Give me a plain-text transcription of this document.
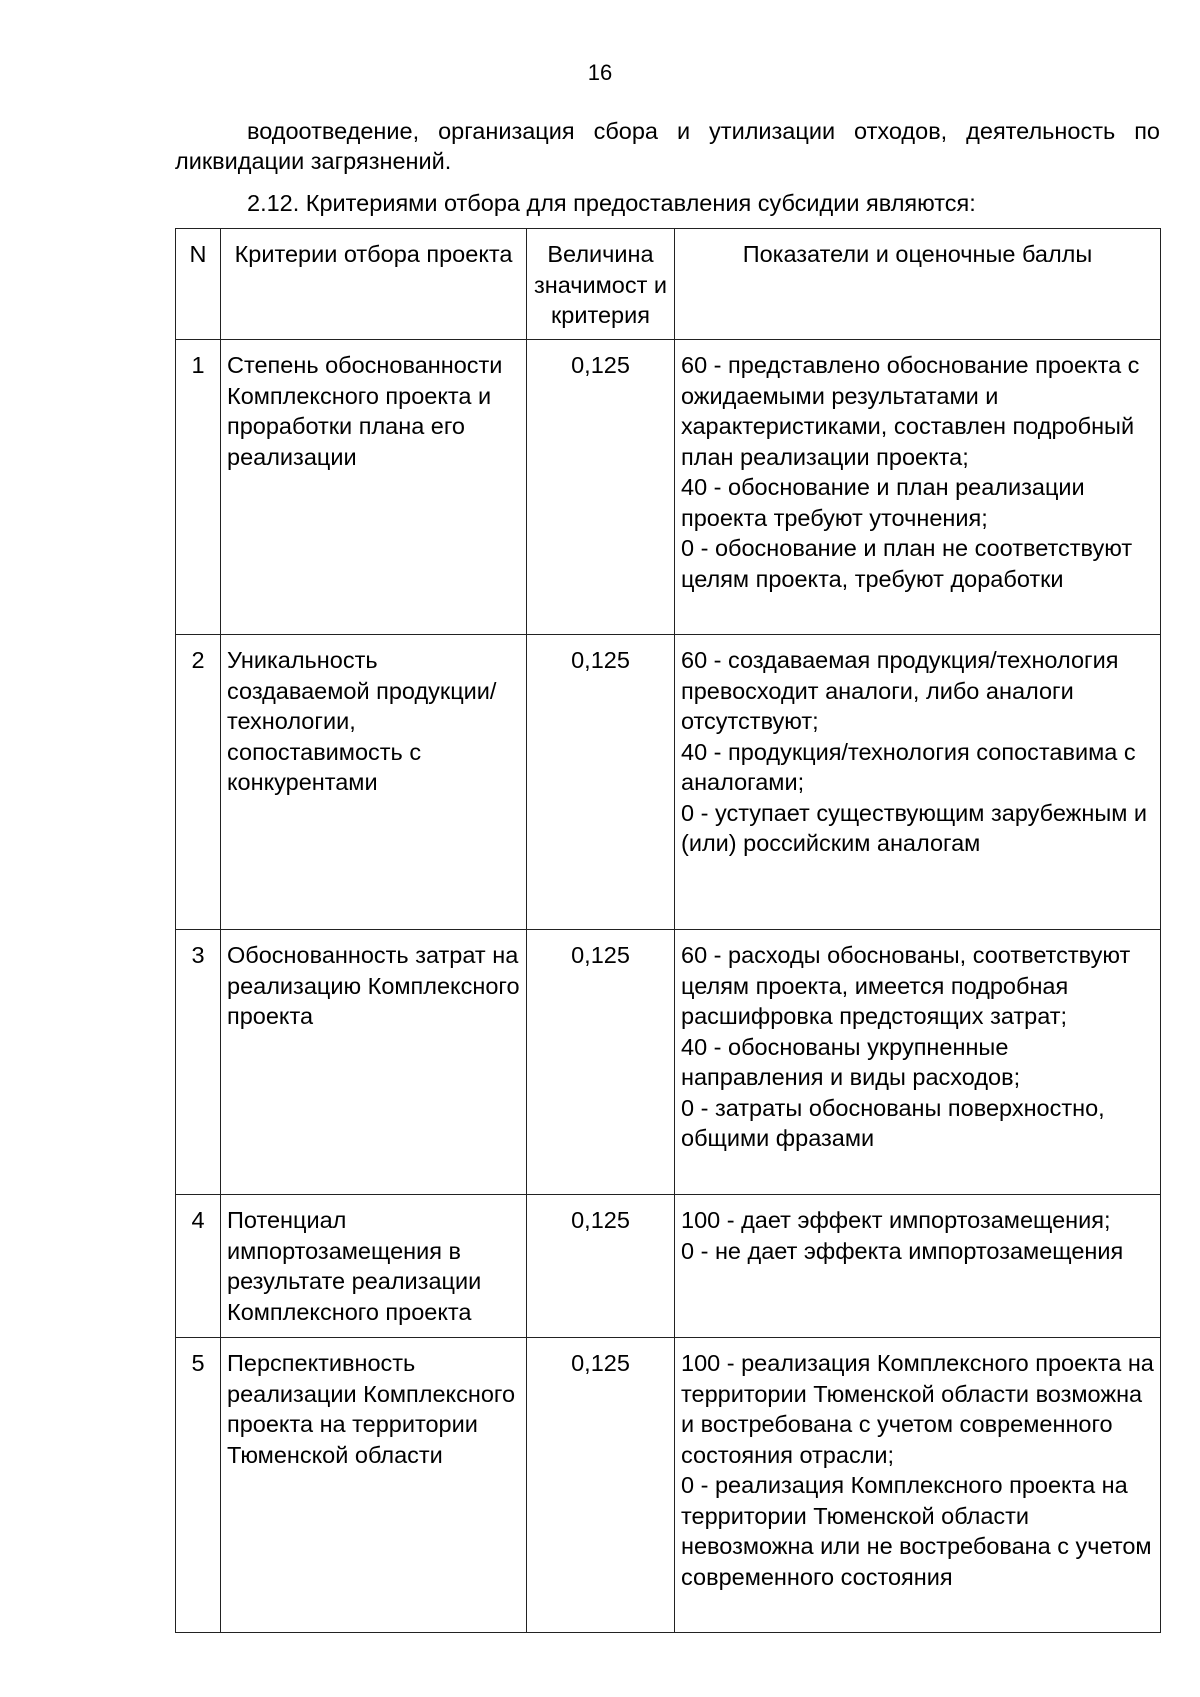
16

водоотведение, организация сбора и утилизации отходов, деятельность по ликвидации загрязнений.

2.12. Критериями отбора для предоставления субсидии являются:

N	Критерии отбора проекта	Величина значимост и критерия	Показатели и оценочные баллы
1	Степень обоснованности Комплексного проекта и проработки плана его реализации	0,125	60 - представлено обоснование проекта с ожидаемыми результатами и характеристиками, составлен подробный план реализации проекта;
40 - обоснование и план реализации проекта требуют уточнения;
0 - обоснование и план не соответствуют целям проекта, требуют доработки

2	Уникальность создаваемой продукции/технологии, сопоставимость с конкурентами	0,125	60 - создаваемая продукция/технология превосходит аналоги, либо аналоги отсутствуют;
40 - продукция/технология сопоставима с аналогами;
0 - уступает существующим зарубежным и (или) российским аналогам

3	Обоснованность затрат на реализацию Комплексного проекта	0,125	60 - расходы обоснованы, соответствуют целям проекта, имеется подробная расшифровка предстоящих затрат;
40 - обоснованы укрупненные направления и виды расходов;
0 - затраты обоснованы поверхностно, общими фразами

4	Потенциал импортозамещения в результате реализации Комплексного проекта	0,125	100 - дает эффект импортозамещения;
0 - не дает эффекта импортозамещения

5	Перспективность реализации Комплексного проекта на территории Тюменской области	0,125	100 - реализация Комплексного проекта на территории Тюменской области возможна и востребована с учетом современного состояния отрасли;
0 - реализация Комплексного проекта на территории Тюменской области невозможна или не востребована с учетом современного состояния
